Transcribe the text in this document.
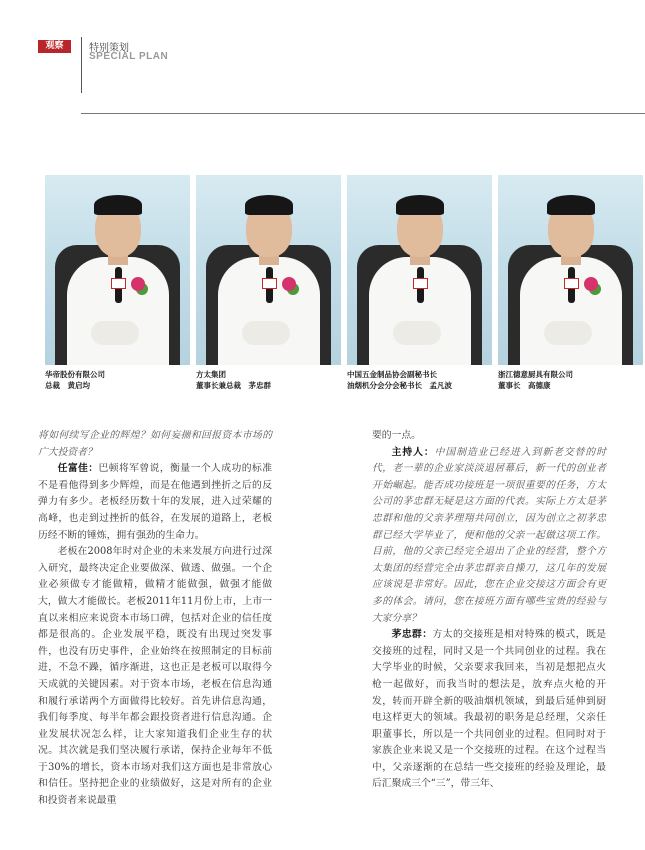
观察	特别策划
SPECIAL PLAN
华帝股份有限公司
总裁　黄启均
方太集团
董事长兼总裁　茅忠群
中国五金制品协会副秘书长
油烟机分会分会秘书长　孟凡波
浙江德意厨具有限公司
董事长　高德康

将如何续写企业的辉煌？如何妄揣和回报资本市场的广大投资者？

任富佳：巴顿将军曾说，衡量一个人成功的标准不是看他得到多少辉煌，而是在他遇到挫折之后的反弹力有多少。老板经历数十年的发展，进入过荣耀的高峰，也走到过挫折的低谷，在发展的道路上，老板历经不断的锤炼，拥有强劲的生命力。

老板在2008年时对企业的未来发展方向进行过深入研究，最终决定企业要做深、做透、做强。一个企业必须做专才能做精，做精才能做强，做强才能做大，做大才能做长。老板2011年11月份上市，上市一直以来相应来说资本市场口碑，包括对企业的信任度都是很高的。企业发展平稳，既没有出现过突发事件，也没有历史事件，企业始终在按照制定的目标前进，不急不躁，循序渐进，这也正是老板可以取得今天成就的关键因素。对于资本市场，老板在信息沟通和履行承诺两个方面做得比较好。首先讲信息沟通，我们每季度、每半年都会跟投资者进行信息沟通。企业发展状况怎么样，让大家知道我们企业生存的状况。其次就是我们坚决履行承诺，保持企业每年不低于30%的增长，资本市场对我们这方面也是非常放心和信任。坚持把企业的业绩做好，这是对所有的企业和投资者来说最重

要的一点。

主持人：中国制造业已经进入到新老交替的时代，老一辈的企业家淡淡退居幕后，新一代的创业者开始崛起。能否成功接班是一项很重要的任务，方太公司的茅忠群无疑是这方面的代表。实际上方太是茅忠群和他的父亲茅理翔共同创立，因为创立之初茅忠群已经大学毕业了，便和他的父亲一起做这项工作。目前，他的父亲已经完全退出了企业的经营，整个方太集团的经营完全由茅忠群亲自操刀，这几年的发展应该说是非常好。因此，您在企业交接这方面会有更多的体会。请问，您在接班方面有哪些宝贵的经验与大家分享？

茅忠群：方太的交接班是相对特殊的模式，既是交接班的过程，同时又是一个共同创业的过程。我在大学毕业的时候，父亲要求我回来，当初是想把点火枪一起做好，而我当时的想法是，放弃点火枪的开发，转而开辟全新的吸油烟机领域，到最后延伸到厨电这样更大的领域。我最初的职务是总经理，父亲任职董事长，所以是一个共同创业的过程。但同时对于家族企业来说又是一个交接班的过程。在这个过程当中，父亲逐渐的在总结一些交接班的经验及理论，最后汇聚成三个“三”，带三年、
